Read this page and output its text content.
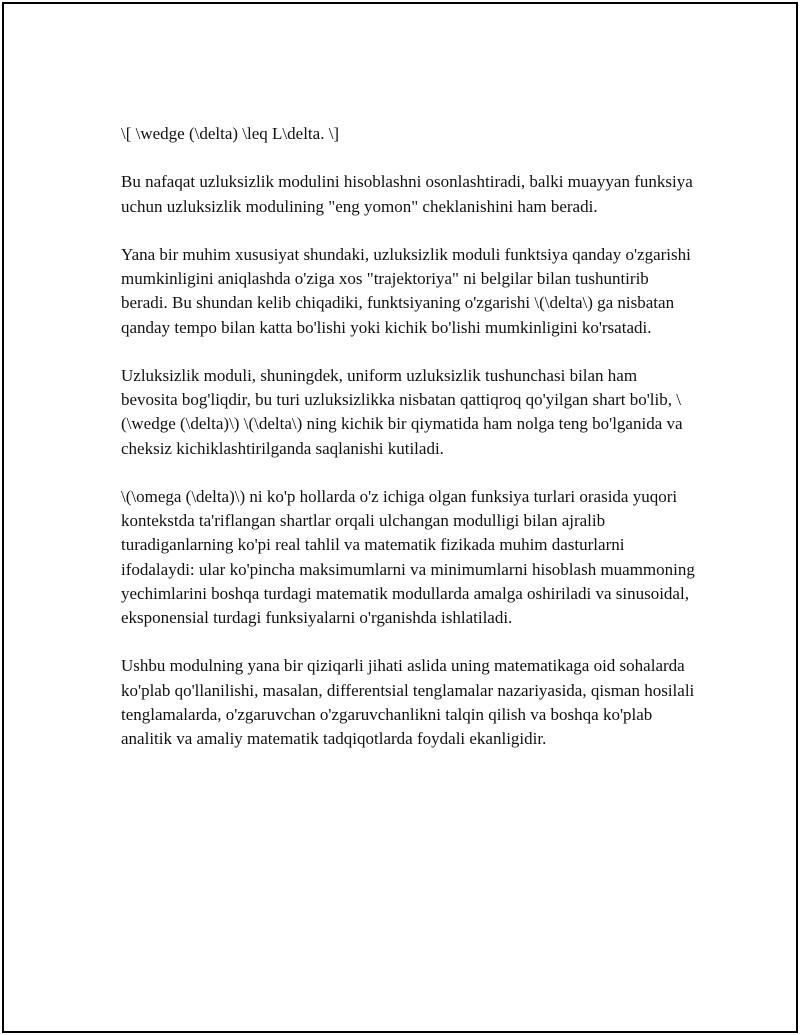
\[ \wedge (\delta) \leq L\delta. \]

Bu nafaqat uzluksizlik modulini hisoblashni osonlashtiradi, balki muayyan funksiya uchun uzluksizlik modulining "eng yomon" cheklanishini ham beradi.

Yana bir muhim xususiyat shundaki, uzluksizlik moduli funktsiya qanday o'zgarishi mumkinligini aniqlashda o'ziga xos "trajektoriya" ni belgilar bilan tushuntirib beradi. Bu shundan kelib chiqadiki, funktsiyaning o'zgarishi \(\delta\) ga nisbatan qanday tempo bilan katta bo'lishi yoki kichik bo'lishi mumkinligini ko'rsatadi.

Uzluksizlik moduli, shuningdek, uniform uzluksizlik tushunchasi bilan ham bevosita bog'liqdir, bu turi uzluksizlikka nisbatan qattiqroq qo'yilgan shart bo'lib, \(\wedge (\delta)\) \(\delta\) ning kichik bir qiymatida ham nolga teng bo'lganida va cheksiz kichiklashtirilganda saqlanishi kutiladi.

\(\omega (\delta)\) ni ko'p hollarda o'z ichiga olgan funksiya turlari orasida yuqori kontekstda ta'riflangan shartlar orqali ulchangan modulligi bilan ajralib turadiganlarning ko'pi real tahlil va matematik fizikada muhim dasturlarni ifodalaydi: ular ko'pincha maksimumlarni va minimumlarni hisoblash muammoning yechimlarini boshqa turdagi matematik modullarda amalga oshiriladi va sinusoidal, eksponensial turdagi funksiyalarni o'rganishda ishlatiladi.

Ushbu modulning yana bir qiziqarli jihati aslida uning matematikaga oid sohalarda ko'plab qo'llanilishi, masalan, differentsial tenglamalar nazariyasida, qisman hosilali tenglamalarda, o'zgaruvchan o'zgaruvchanlikni talqin qilish va boshqa ko'plab analitik va amaliy matematik tadqiqotlarda foydali ekanligidir.
